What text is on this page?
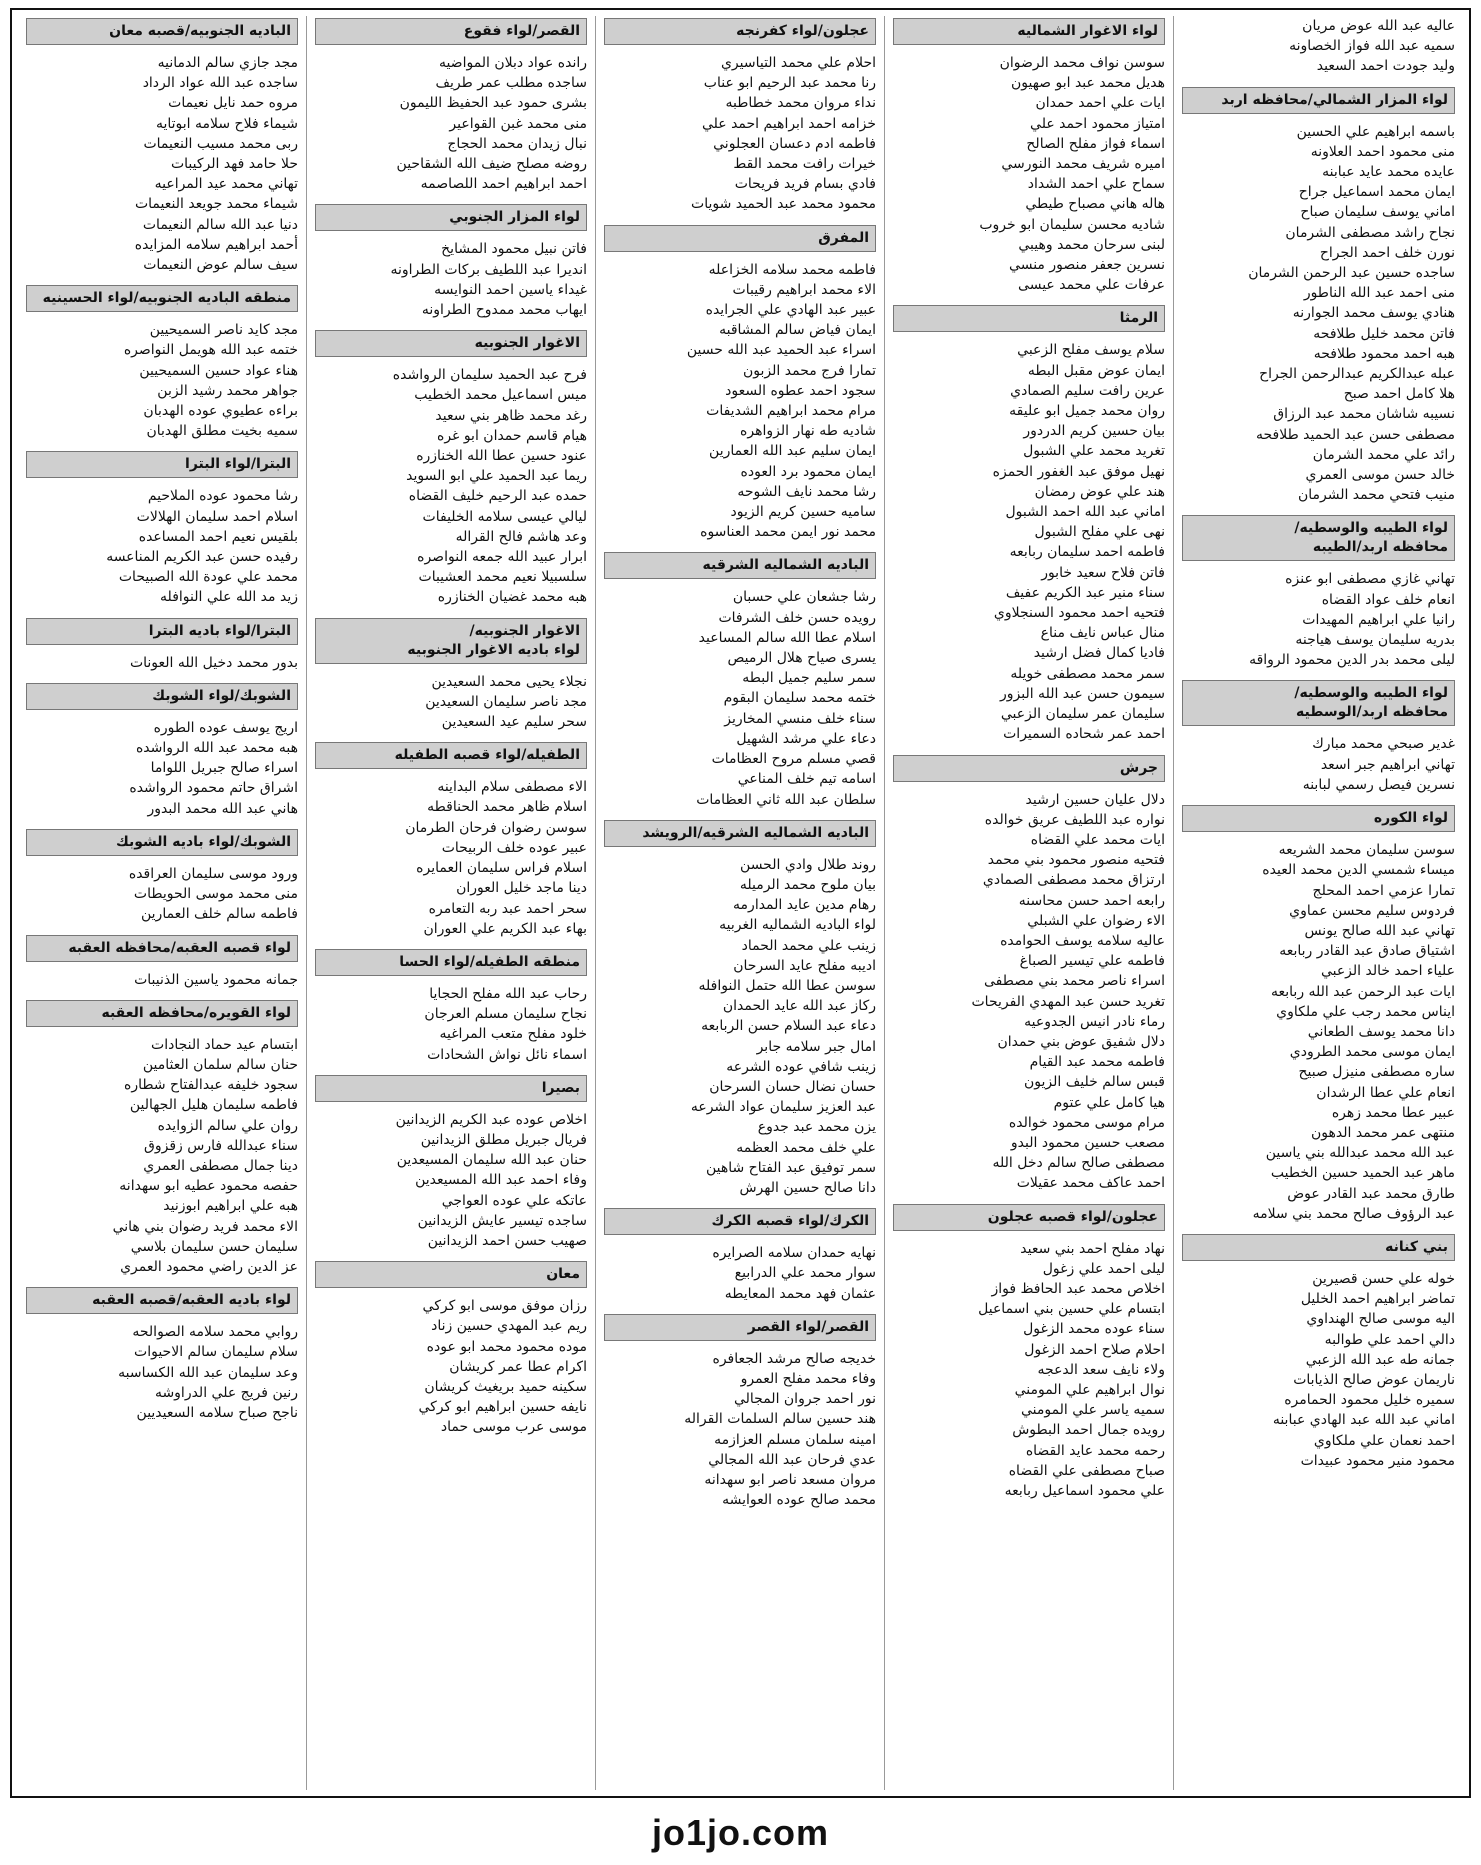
عاليه عبد الله عوض مريان
سميه عبد الله فواز الخصاونه
وليد جودت احمد السعيد
لواء المزار الشمالي/محافظه اربد
باسمه ابراهيم علي الحسين
منى محمود احمد العلاونه
عايده محمد عايد عبابنه
ايمان محمد اسماعيل جراح
اماني يوسف سليمان صباح
نجاح راشد مصطفى الشرمان
نورن خلف احمد الجراح
ساجده حسين عبد الرحمن الشرمان
منى احمد عبد الله الناطور
هنادي يوسف محمد الجوارنه
فاتن محمد خليل طلافحه
هبه احمد محمود طلافحه
عبله عبدالكريم عبدالرحمن الجراح
هلا كامل احمد صبح
نسيبه شاشان محمد عبد الرزاق
مصطفى حسن عبد الحميد طلافحه
رائد علي محمد الشرمان
خالد حسن موسى العمري
منيب فتحي محمد الشرمان
لواء الطيبه والوسطيه/
محافظه اربد/الطيبه
تهاني غازي مصطفى ابو عنزه
انعام خلف عواد القضاه
رانيا علي ابراهيم المهيدات
بدريه سليمان يوسف هياجنه
ليلى محمد بدر الدين محمود الرواقه
لواء الطيبه والوسطيه/
محافظه اربد/الوسطيه
غدير صبحي محمد مبارك
تهاني ابراهيم جبر اسعد
نسرين فيصل رسمي لبابنه
لواء الكوره
سوسن سليمان محمد الشريعه
ميساء شمسي الدين محمد العيده
تمارا عزمي احمد المحلج
فردوس سليم محسن عماوي
تهاني عبد الله صالح يونس
اشتياق صادق عبد القادر ربابعه
علياء احمد خالد الزعبي
ايات عبد الرحمن عبد الله ربابعه
ايناس محمد رجب علي ملكاوي
دانا محمد يوسف الطعاني
ايمان موسى محمد الطرودي
ساره مصطفى منيزل صبيح
انعام علي عطا الرشدان
عبير عطا محمد زهره
منتهى عمر محمد الدهون
عبد الله محمد عبدالله بني ياسين
ماهر عبد الحميد حسين الخطيب
طارق محمد عبد القادر عوض
عبد الرؤوف صالح محمد بني سلامه
بني كنانه
خوله علي حسن قصيرين
تماضر ابراهيم احمد الخليل
اليه موسى صالح الهنداوي
دالي احمد علي طوالبه
جمانه طه عبد الله الزعبي
ناريمان عوض صالح الذيابات
سميره خليل محمود الحمامره
اماني عبد الله عبد الهادي عبابنه
احمد نعمان علي ملكاوي
محمود منير محمود عبيدات
لواء الاغوار الشماليه
سوسن نواف محمد الرضوان
هديل محمد عبد ابو صهيون
ايات علي احمد حمدان
امتياز محمود احمد علي
اسماء فواز مفلح الصالح
اميره شريف محمد النورسي
سماح علي احمد الشداد
هاله هاني مصباح طيطي
شاديه محسن سليمان ابو خروب
لبنى سرحان محمد وهيبي
نسرين جعفر منصور منسي
عرفات علي محمد عيسى
الرمثا
سلام يوسف مفلح الزعبي
ايمان عوض مقبل البطه
عرين رافت سليم الصمادي
روان محمد جميل ابو عليقه
بيان حسين كريم الدردور
تغريد محمد علي الشبول
نهيل موفق عبد الغفور الحمزه
هند علي عوض رمضان
اماني عبد الله احمد الشبول
نهى علي مفلح الشبول
فاطمه احمد سليمان ربابعه
فاتن فلاح سعيد خابور
سناء منير عبد الكريم عفيف
فتحيه احمد محمود السنجلاوي
منال عباس نايف مناع
فاديا كمال فضل ارشيد
سمر محمد مصطفى خويله
سيمون حسن عبد الله البزور
سليمان عمر سليمان الزعبي
احمد عمر شحاده السميرات
جرش
دلال عليان حسين ارشيد
نواره عبد اللطيف عريق خوالده
ايات محمد علي القضاه
فتحيه منصور محمود بني محمد
ارتزاق محمد مصطفى الصمادي
رابعه احمد حسن محاسنه
الاء رضوان علي الشبلي
عاليه سلامه يوسف الحوامده
فاطمه علي تيسير الصباغ
اسراء ناصر محمد بني مصطفى
تغريد حسن عبد المهدي الفريحات
رماء نادر انيس الجدوعيه
دلال شفيق عوض بني حمدان
فاطمه محمد عبد القيام
قبس سالم خليف الزيون
هيا كامل علي عتوم
مرام موسى محمود خوالده
مصعب حسين محمود البدو
مصطفى صالح سالم دخل الله
احمد عاكف محمد عقيلات
عجلون/لواء قصبه عجلون
نهاد مفلح احمد بني سعيد
ليلى احمد علي زغول
اخلاص محمد عبد الحافظ فواز
ابتسام علي حسين بني اسماعيل
سناء عوده محمد الزغول
احلام صلاح احمد الزغول
ولاء نايف سعد الدعجه
نوال ابراهيم علي المومني
سميه ياسر علي المومني
رويده جمال احمد البطوش
رحمه محمد عايد القضاه
صباح مصطفى علي القضاه
علي محمود اسماعيل ربابعه
عجلون/لواء كفرنجه
احلام علي محمد التياسيري
رنا محمد عبد الرحيم ابو عناب
نداء مروان محمد خطاطبه
خزامه احمد ابراهيم احمد علي
فاطمه ادم دعسان العجلوني
خيرات رافت محمد القط
فادي بسام فريد فريحات
محمود محمد عبد الحميد شويات
المفرق
فاطمه محمد سلامه الخزاعله
الاء محمد ابراهيم رقيبات
عبير عبد الهادي علي الجرايده
ايمان فياض سالم المشاقبه
اسراء عبد الحميد عبد الله حسين
تمارا فرج محمد الزبون
سجود احمد عطوه السعود
مرام محمد ابراهيم الشديفات
شاديه طه نهار الزواهره
ايمان سليم عبد الله العمارين
ايمان محمود برد العوده
رشا محمد نايف الشوحه
ساميه حسين كريم الزيود
محمد نور ايمن محمد العناسوه
الباديه الشماليه الشرقيه
رشا جشعان علي حسبان
رويده حسن خلف الشرفات
اسلام عطا الله سالم المساعيد
يسرى صياح هلال الرميص
سمر سليم جميل البطه
ختمه محمد سليمان البقوم
سناء خلف منسي المخاريز
دعاء علي مرشد الشهيل
قصي مسلم مروح العظامات
اسامه تيم خلف المناعي
سلطان عبد الله ثاني العظامات
الباديه الشماليه الشرقيه/الرويشد
روند طلال وادي الحسن
بيان ملوح محمد الرميله
رهام مدين عايد المدارمه
لواء الباديه الشماليه الغربيه
زينب علي محمد الحماد
اديبه مفلح عايد السرحان
سوسن عطا الله حتمل النوافله
ركاز عبد الله عايد الحمدان
دعاء عبد السلام حسن الربابعه
امال جبر سلامه جابر
زينب شافي عوده الشرعه
حسان نضال حسان السرحان
عبد العزيز سليمان عواد الشرعه
يزن محمد عبد جدوع
علي خلف محمد العظمه
سمر توفيق عبد الفتاح شاهين
دانا صالح حسين الهرش
الكرك/لواء قصبه الكرك
نهايه حمدان سلامه الصرايره
سوار محمد علي الدرابيع
عثمان فهد محمد المعايطه
القصر/لواء القصر
خديجه صالح مرشد الجعافره
وفاء محمد مفلح العمرو
نور احمد جروان المجالي
هند حسين سالم السلمات القراله
امينه سلمان مسلم العزازمه
عدي فرحان عبد الله المجالي
مروان مسعد ناصر ابو سهدانه
محمد صالح عوده العوايشه
القصر/لواء فقوع
رانده عواد دبلان المواضيه
ساجده مطلب عمر طريف
بشرى حمود عبد الحفيظ الليمون
منى محمد غبن القواعير
نبال زيدان محمد الحجاج
روضه مصلح ضيف الله الشقاحين
احمد ابراهيم احمد اللصاصمه
لواء المزار الجنوبي
فاتن نبيل محمود المشايخ
انديرا عبد اللطيف بركات الطراونه
غيداء ياسين احمد النوايسه
ايهاب محمد ممدوح الطراونه
الاغوار الجنوبيه
فرح عبد الحميد سليمان الرواشده
ميس اسماعيل محمد الخطيب
رغد محمد ظاهر بني سعيد
هيام قاسم حمدان ابو غره
عنود حسين عطا الله الخنازره
ريما عبد الحميد علي ابو السويد
حمده عبد الرحيم خليف القضاه
ليالي عيسى سلامه الخليفات
وعد هاشم فالح القراله
ابرار عبيد الله جمعه النواصره
سلسبيلا نعيم محمد العشيبات
هبه محمد غضيان الخنازره
الاغوار الجنوبيه/
لواء باديه الاغوار الجنوبيه
نجلاء يحيى محمد السعيدين
مجد ناصر سليمان السعيدين
سحر سليم عيد السعيدين
الطفيله/لواء قصبه الطفيله
الاء مصطفى سلام البداينه
اسلام ظاهر محمد الحناقطه
سوسن رضوان فرحان الطرمان
عبير عوده خلف الربيحات
اسلام فراس سليمان العمايره
دينا ماجد خليل العوران
سحر احمد عبد ربه التعامره
بهاء عبد الكريم علي العوران
منطقه الطفيله/لواء الحسا
رحاب عبد الله مفلح الحجايا
نجاح سليمان مسلم العرجان
خلود مفلح متعب المراغيه
اسماء نائل نواش الشحادات
بصيرا
اخلاص عوده عبد الكريم الزيدانين
فريال جبريل مطلق الزيدانين
حنان عبد الله سليمان المسيعدين
وفاء احمد عبد الله المسيعدين
عاتكه علي عوده العواجي
ساجده تيسير عايش الزيدانين
صهيب حسن احمد الزيدانين
معان
رزان موفق موسى ابو كركي
ريم عبد المهدي حسين زناد
موده محمود محمد ابو عوده
اكرام عطا عمر كريشان
سكينه حميد بريغيث كريشان
نايفه حسين ابراهيم ابو كركي
موسى عرب موسى حماد
الباديه الجنوبيه/قصبه معان
مجد جازي سالم الدمانيه
ساجده عبد الله عواد الرداد
مروه حمد نايل نعيمات
شيماء فلاح سلامه ابوتايه
ربى محمد مسيب النعيمات
حلا حامد فهد الركيبات
تهاني محمد عيد المراعيه
شيماء محمد جويعد النعيمات
دنيا عبد الله سالم النعيمات
أحمد ابراهيم سلامه المزايده
سيف سالم عوض النعيمات
منطقه الباديه الجنوبيه/لواء الحسينيه
مجد كايد ناصر السميحيين
ختمه عبد الله هويمل النواصره
هناء عواد حسين السميحيين
جواهر محمد رشيد الزبن
براءه عطيوي عوده الهدبان
سميه بخيت مطلق الهدبان
البترا/لواء البترا
رشا محمود عوده الملاحيم
اسلام احمد سليمان الهلالات
بلقيس نعيم احمد المساعده
رفيده حسن عبد الكريم المناعسه
محمد علي عودة الله الصبيحات
زيد مد الله علي النوافله
البترا/لواء باديه البترا
بدور محمد دخيل الله العونات
الشوبك/لواء الشوبك
اريج يوسف عوده الطوره
هبه محمد عبد الله الرواشده
اسراء صالح جبريل اللواما
اشراق حاتم محمود الرواشده
هاني عبد الله محمد البدور
الشوبك/لواء باديه الشوبك
ورود موسى سليمان العراقده
منى محمد موسى الحويطات
فاطمه سالم خلف العمارين
لواء قصبه العقبه/محافظه العقبه
جمانه محمود ياسين الذنيبات
لواء القويره/محافظه العقبه
ابتسام عيد حماد النجادات
حنان سالم سلمان العثامين
سجود خليفه عبدالفتاح شطاره
فاطمه سليمان هليل الجهالين
روان علي سالم الزوايده
سناء عبدالله فارس زقزوق
دينا جمال مصطفى العمري
حفصه محمود عطيه ابو سهدانه
هبه علي ابراهيم ابوزنيد
الاء محمد فريد رضوان بني هاني
سليمان حسن سليمان بلاسي
عز الدين راضي محمود العمري
لواء باديه العقبه/قصبه العقبه
روابي محمد سلامه الصوالحه
سلام سليمان سالم الاحيوات
وعد سليمان عبد الله الكساسبه
رنين فريج علي الدراوشه
ناجح صباح سلامه السعيديين
jo1jo.com
